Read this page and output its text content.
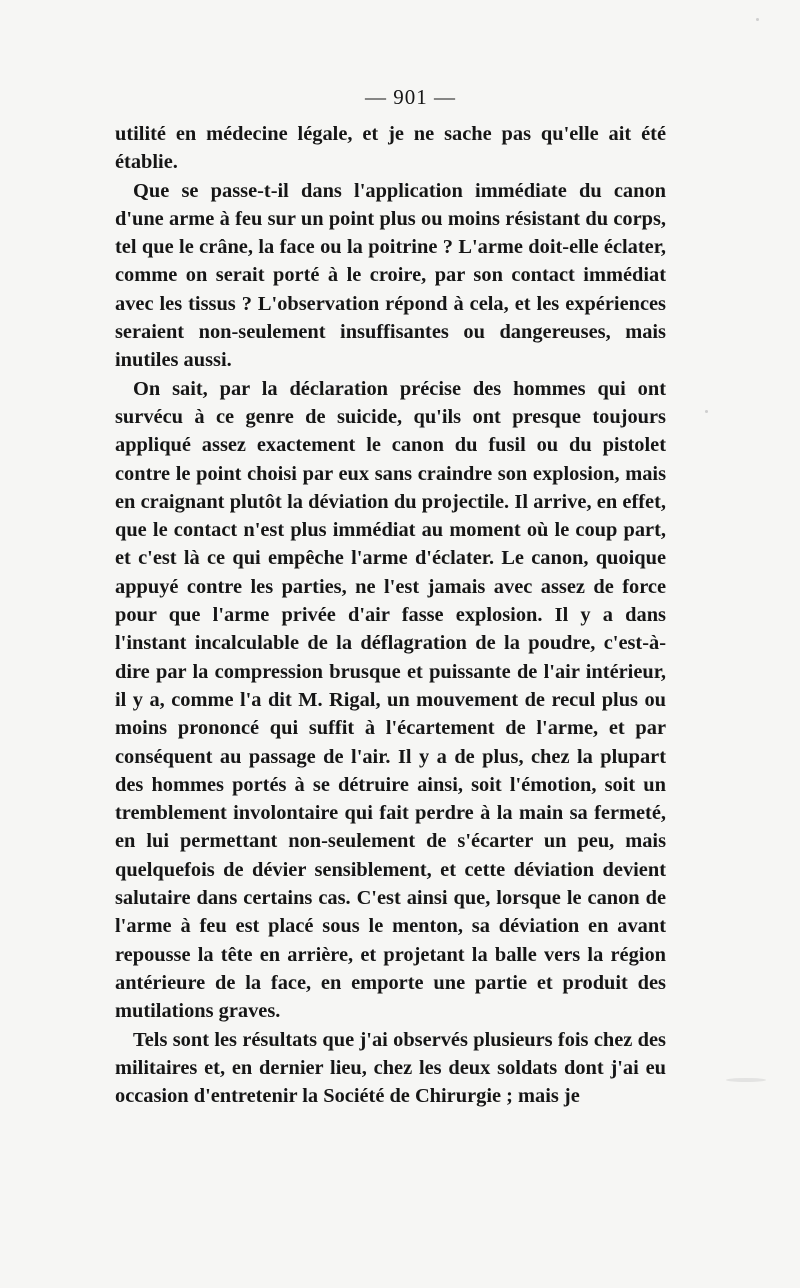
— 901 —

utilité en médecine légale, et je ne sache pas qu'elle ait été établie.

Que se passe-t-il dans l'application immédiate du canon d'une arme à feu sur un point plus ou moins résistant du corps, tel que le crâne, la face ou la poitrine ? L'arme doit-elle éclater, comme on serait porté à le croire, par son contact immédiat avec les tissus ? L'observation répond à cela, et les expériences seraient non-seulement insuffisantes ou dangereuses, mais inutiles aussi.

On sait, par la déclaration précise des hommes qui ont survécu à ce genre de suicide, qu'ils ont presque toujours appliqué assez exactement le canon du fusil ou du pistolet contre le point choisi par eux sans craindre son explosion, mais en craignant plutôt la déviation du projectile. Il arrive, en effet, que le contact n'est plus immédiat au moment où le coup part, et c'est là ce qui empêche l'arme d'éclater. Le canon, quoique appuyé contre les parties, ne l'est jamais avec assez de force pour que l'arme privée d'air fasse explosion. Il y a dans l'instant incalculable de la déflagration de la poudre, c'est-à-dire par la compression brusque et puissante de l'air intérieur, il y a, comme l'a dit M. Rigal, un mouvement de recul plus ou moins prononcé qui suffit à l'écartement de l'arme, et par conséquent au passage de l'air. Il y a de plus, chez la plupart des hommes portés à se détruire ainsi, soit l'émotion, soit un tremblement involontaire qui fait perdre à la main sa fermeté, en lui permettant non-seulement de s'écarter un peu, mais quelquefois de dévier sensiblement, et cette déviation devient salutaire dans certains cas. C'est ainsi que, lorsque le canon de l'arme à feu est placé sous le menton, sa déviation en avant repousse la tête en arrière, et projetant la balle vers la région antérieure de la face, en emporte une partie et produit des mutilations graves.

Tels sont les résultats que j'ai observés plusieurs fois chez des militaires et, en dernier lieu, chez les deux soldats dont j'ai eu occasion d'entretenir la Société de Chirurgie ; mais je
